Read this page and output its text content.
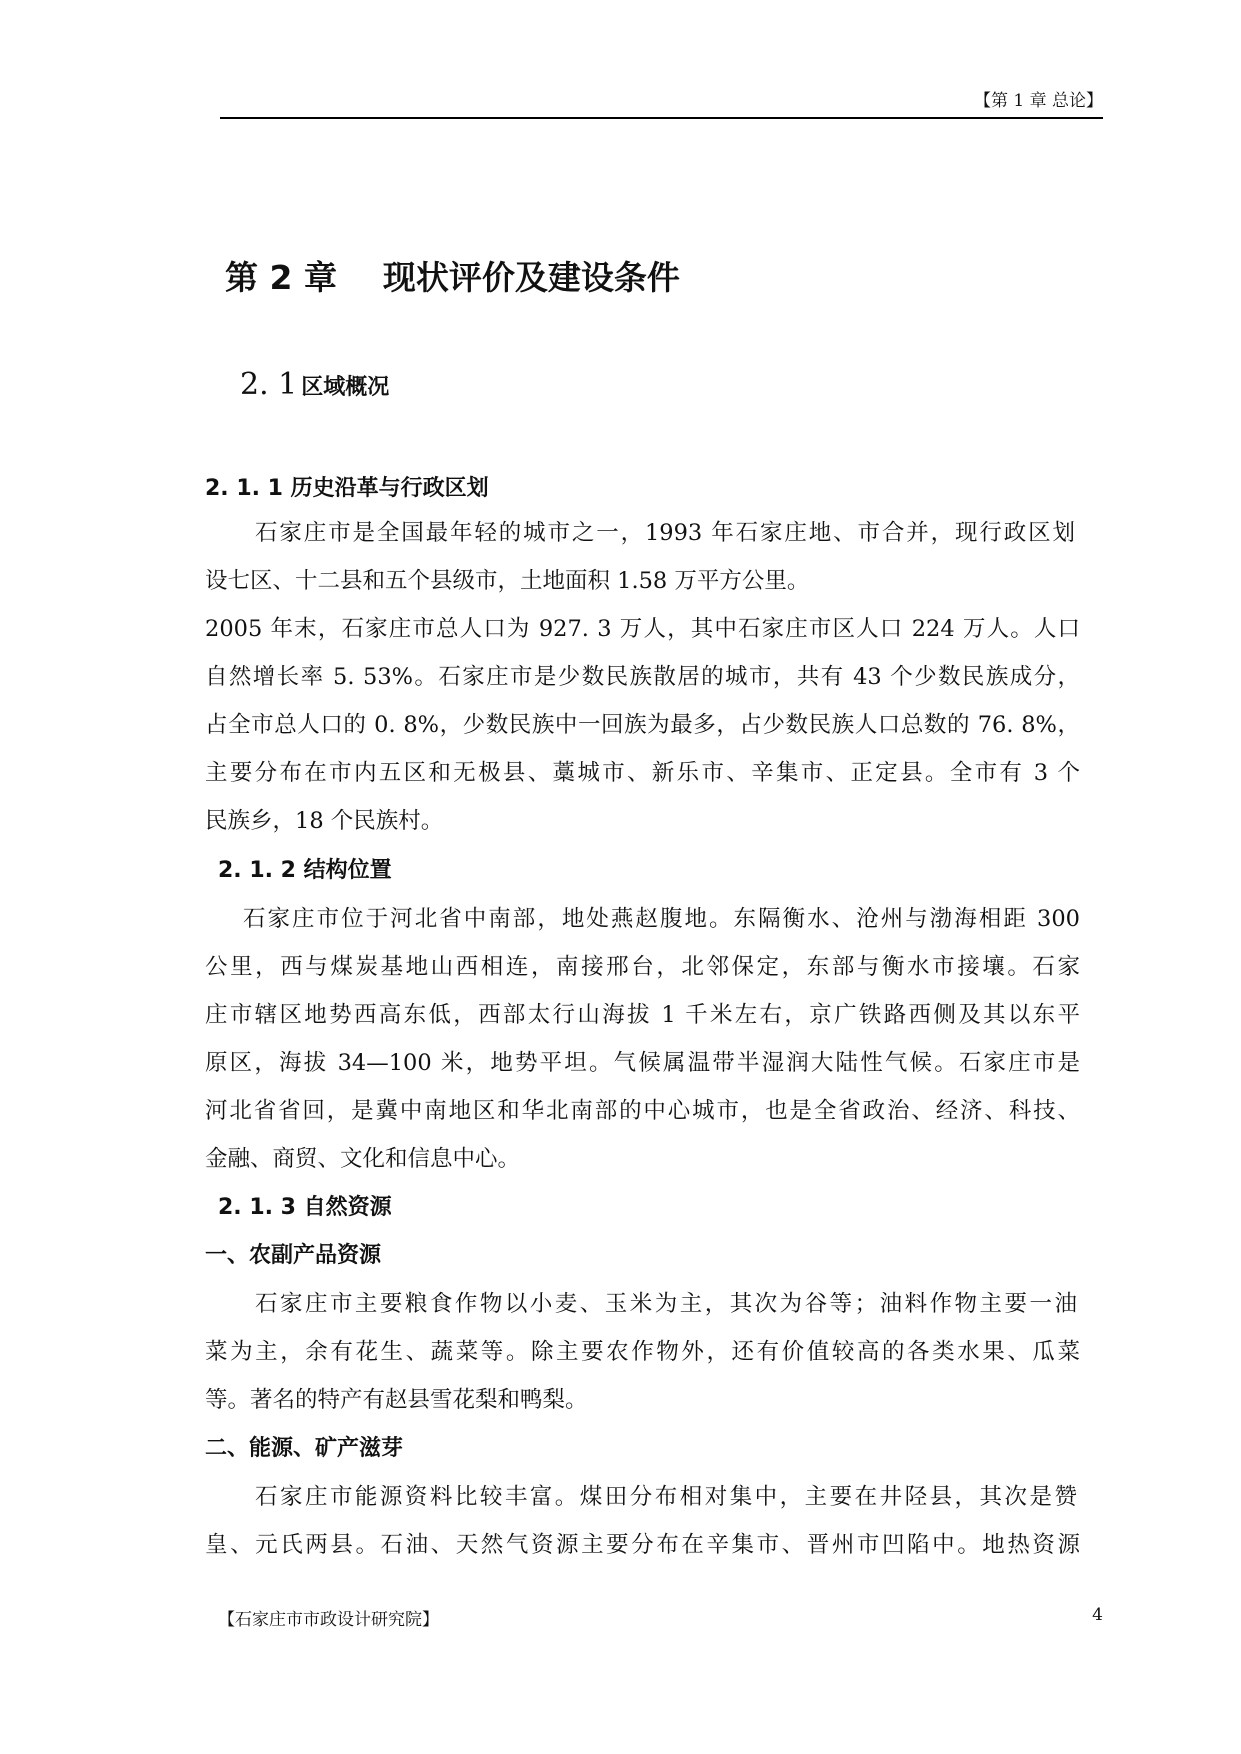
【第 1 章 总论】
第 2 章    现状评价及建设条件
2. 1 区域概况
2. 1. 1 历史沿革与行政区划
石家庄市是全国最年轻的城市之一，1993 年石家庄地、市合并，现行政区划
设七区、十二县和五个县级市，土地面积 1.58 万平方公里。
2005 年末，石家庄市总人口为 927. 3 万人，其中石家庄市区人口 224 万人。人口
自然增长率 5. 53%。石家庄市是少数民族散居的城市，共有 43 个少数民族成分，
占全市总人口的 0. 8%，少数民族中一回族为最多，占少数民族人口总数的 76. 8%，
主要分布在市内五区和无极县、藁城市、新乐市、辛集市、正定县。全市有 3 个
民族乡，18 个民族村。
2. 1. 2 结构位置
石家庄市位于河北省中南部，地处燕赵腹地。东隔衡水、沧州与渤海相距 300
公里，西与煤炭基地山西相连，南接邢台，北邻保定，东部与衡水市接壤。石家
庄市辖区地势西高东低，西部太行山海拔 1 千米左右，京广铁路西侧及其以东平
原区，海拔 34—100 米，地势平坦。气候属温带半湿润大陆性气候。石家庄市是
河北省省回，是冀中南地区和华北南部的中心城市，也是全省政治、经济、科技、
金融、商贸、文化和信息中心。
2. 1. 3 自然资源
一、农副产品资源
石家庄市主要粮食作物以小麦、玉米为主，其次为谷等；油料作物主要一油
菜为主，余有花生、蔬菜等。除主要农作物外，还有价值较高的各类水果、瓜菜
等。著名的特产有赵县雪花梨和鸭梨。
二、能源、矿产滋芽
石家庄市能源资料比较丰富。煤田分布相对集中，主要在井陉县，其次是赞
皇、元氏两县。石油、天然气资源主要分布在辛集市、晋州市凹陷中。地热资源
【石家庄市市政设计研究院】	4
